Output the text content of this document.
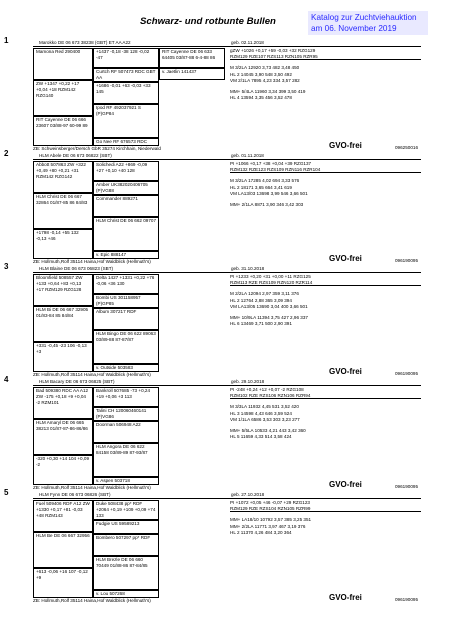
Schwarz- und rotbunte Bullen	Katalog zur Zuchtviehauktion am 06. November 2019
1	Marokko DE 06 673 38238 (GBT) ET AA A22	geb. 02.11.2018
Mamona Red 290400
ZW +1347 +0,22 +17 +0,04 +18 RZM142 RZG140
RIT Cayenne DE 06 666 23607 03/88-97 60-99 89
+1437 -0,18 -38 128 -0,02 -47
Curtch RF 507473 RDC GBT AA
+1686 -0,01 +63 -0,03 +33 145
Ipod RF 492037921 S (P)GP84
Go Nee RF 676573 RDC
RIT Cayenne DE 06 633 64405 03/87-88 6-4-88 86
v. Jaetlin 141437
gZW +1026 +0,17 +59 -0,03 +32 RZG129
RZM129 RZE107 RZS113 RZN105 RZR95
M 3/2LA 12920 3,73 482 3,48 450
HL 2 14045 3,90 548 3,50 492
VM 2/1LA 7895 4,23 334 3,57 282
MM+ 5/4LA 11960 3,34 399 3,50 419
HL 4 13594 3,35 456 3,52 478
ZB: Schweinsberger/Dersch GbR 35274 Kirchhain, Niederwald	GVO-frei	096250016
2	HLM Abele DE 06 673 06822 (SBT)	geb. 01.11.2018
Abbott 507863 ZW +322 +0,49 +80 +0,21 +31 RZM142 RZG142
HLM Christ DE 06 667 32864 01/87-85 86 84/83
+1798 -0,14 +55 132 -0,13 +46
Solichedi A22 +869 -0,09 +27 +0,10 +40 128
Amber UK382020406705 (P)VG88
Commander 889271
HLM Christ DE 06 662 09707
v. Epic 888147
PI +1066 +0,17 +38 +0,04 +39 RZG137
RZM132 RZE123 RZS109 RZN116 RZR104
M 3/2LA 17285 4,02 694 3,33 576
HL 2 18171 3,65 664 3,41 619
VM LA13/03 13698 3,99 546 3,66 501
MM+ 2/1LA 8871 3,90 346 3,42 303
ZB: Hollmuth,Rolf 35114 Haina,Hof Waldblick (Hellmuth's)	GVO-frei	096190095
3	HLM Blaine DE 06 673 06823 (SBT)	geb. 31.10.2018
Bloomfield 508557 ZW +133 +0,64 +83 +0,13 +17 RZM129 RZG128
HLM Bi DE 06 667 32905 01/83-84 85 84/84
+331 -0,45 -23 106 -0,13 +3
Delta 1427 +1331 +0,22 +76 -0,06 +36 130
Bombi US 301158957 (P)GP85
Album 307217 RDF
HLM Bingo DE 06 622 89063 03/89-88 87-87/87
v. Outside 503583
PI +1233 +0,20 +31 +0,00 +11 RZG125
RZM113 RZE RZS109 RZN120 RZR114
M 2/2LA 12094 2,97 359 3,11 376
HL 2 12764 2,88 365 3,09 394
VM LA13/05 13690 3,04 400 3,66 501
MM+ 10/9LA 11394 3,75 427 2,96 337
HL 6 13469 3,71 500 2,90 391
ZB: Hollmuth,Rolf 35114 Haina,Hof Waldblick (Hellmuth's)	GVO-frei	096190095
4	HLM Bacary DE 06 673 06825 (SBT)	geb. 29.10.2018
Bad 509380 RDC AA A12 ZW -175 +0,18 +9 +0,04 -2 RZM101
HLM Amaryl DE 06 665 38213 01/87-87-86-86/86
-320 +0,30 +14 104 +0,09 -2
Bankroll 507685 -73 +0,24 +19 +0,06 +3 113
Talini CH 120060460141 (P)VG86
Doorman 506948 A22
HLM Angora DE 06 622 84158 03/89-89 87-93/87
v. Aspen 503718
PI -248 +0,24 +12 +0,07 -2 RZG108
RZM102 RZE RZS106 RZN106 RZR94
M 3/3LA 11932 4,45 531 3,52 420
HL 3 14598 4,43 646 3,59 524
VM 1/1LA 6586 3,53 303 3,23 277
MM+ 5/5LA 10533 4,21 443 3,42 360
HL 5 11659 4,33 514 3,58 424
ZB: Hollmuth,Rolf 35114 Haina,Hof Waldblick (Hellmuth's)	GVO-frei	096190095
5	HLM Fynn DE 06 673 06826 (SBT)	geb. 27.10.2018
Fuel 509406 RDF A12 ZW +1330 +0,17 +81 -0,03 +48 RZM143
HLM Be DE 06 667 32956
+613 -0,06 +16 107 -0,12 +9
Duke 508438 pp* RDF +2064 +0,19 +109 +0,09 +74 133
Fudgie US 59589213
Bombero 507297 pp* RDF
HLM Brezle DE 06 660 70449 01/88-86 87-84/85
v. Lou 507268
PI +1072 +0,05 +46 -0,07 +29 RZG123
RZM129 RZE RZS104 RZN105 RZR99
MM+ LA18/10 10792 3,57 385 3,25 351
MM+ 2/2LA 11771 3,97 467 3,19 376
HL 2 11370 4,26 484 3,20 364
ZB: Hollmuth,Rolf 35114 Haina,Hof Waldblick (Hellmuth's)	GVO-frei	096190095
